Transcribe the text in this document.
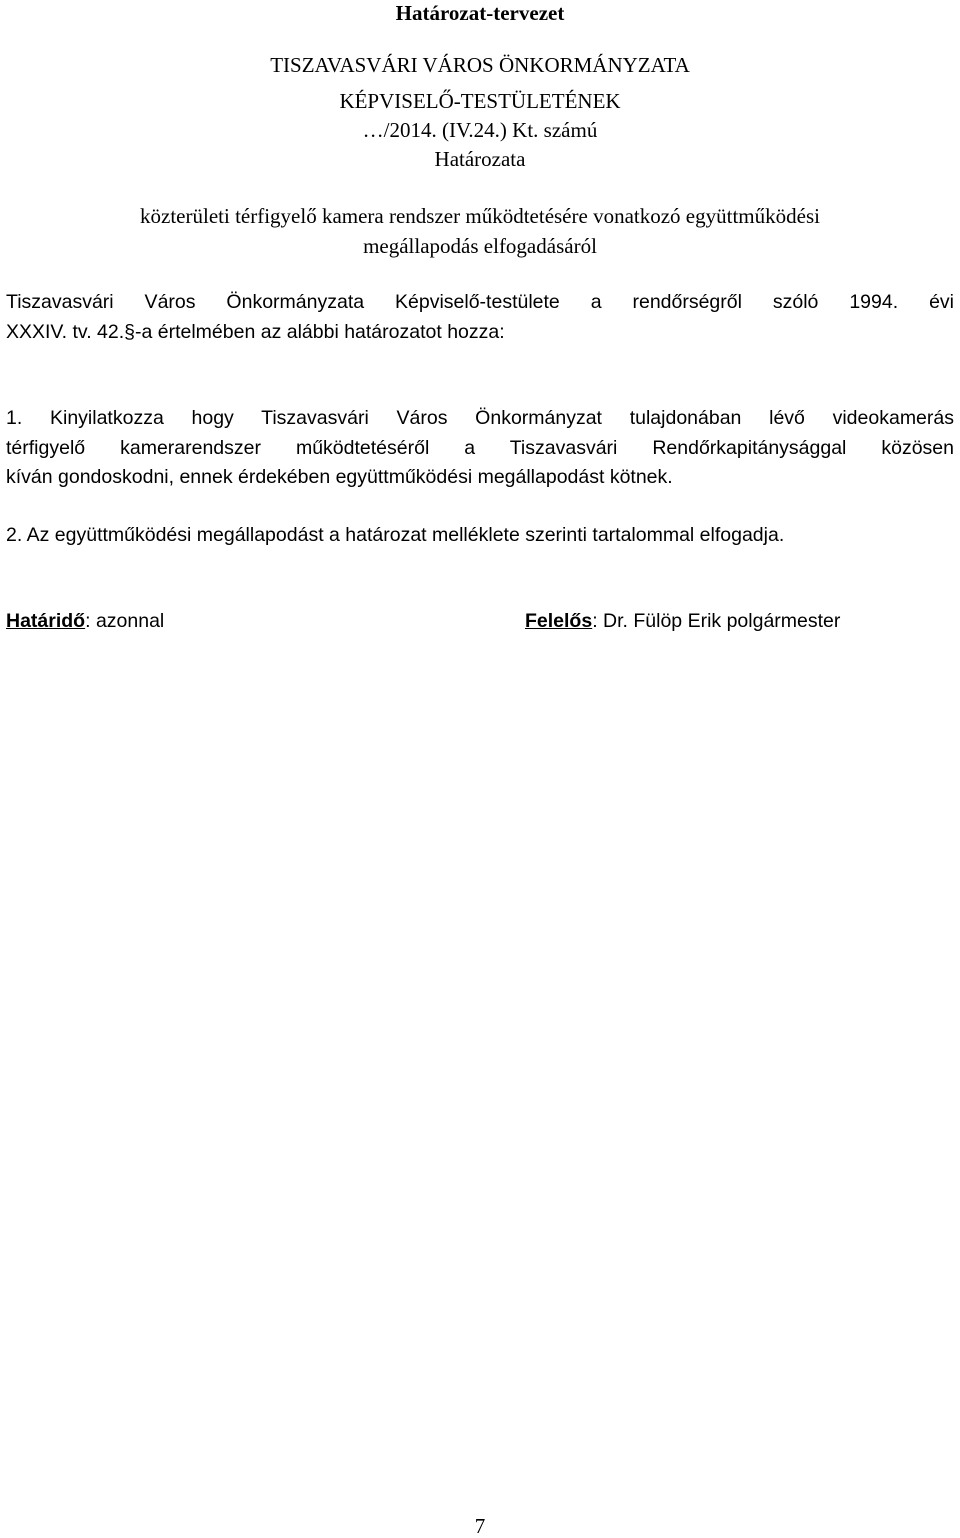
Határozat-tervezet
TISZAVASVÁRI VÁROS ÖNKORMÁNYZATA
KÉPVISELŐ-TESTÜLETÉNEK
…/2014. (IV.24.) Kt. számú
Határozata
közterületi térfigyelő kamera rendszer működtetésére vonatkozó együttműködési
megállapodás elfogadásáról
Tiszavasvári Város Önkormányzata Képviselő-testülete a rendőrségről szóló 1994. évi
XXXIV. tv. 42.§-a értelmében az alábbi határozatot hozza:
1. Kinyilatkozza hogy Tiszavasvári Város Önkormányzat tulajdonában lévő videokamerás
térfigyelő kamerarendszer működtetéséről a Tiszavasvári Rendőrkapitánysággal közösen
kíván gondoskodni, ennek érdekében együttműködési megállapodást kötnek.
2. Az együttműködési megállapodást a határozat melléklete szerinti tartalommal elfogadja.
Határidő: azonnal	Felelős: Dr. Fülöp Erik polgármester
7
